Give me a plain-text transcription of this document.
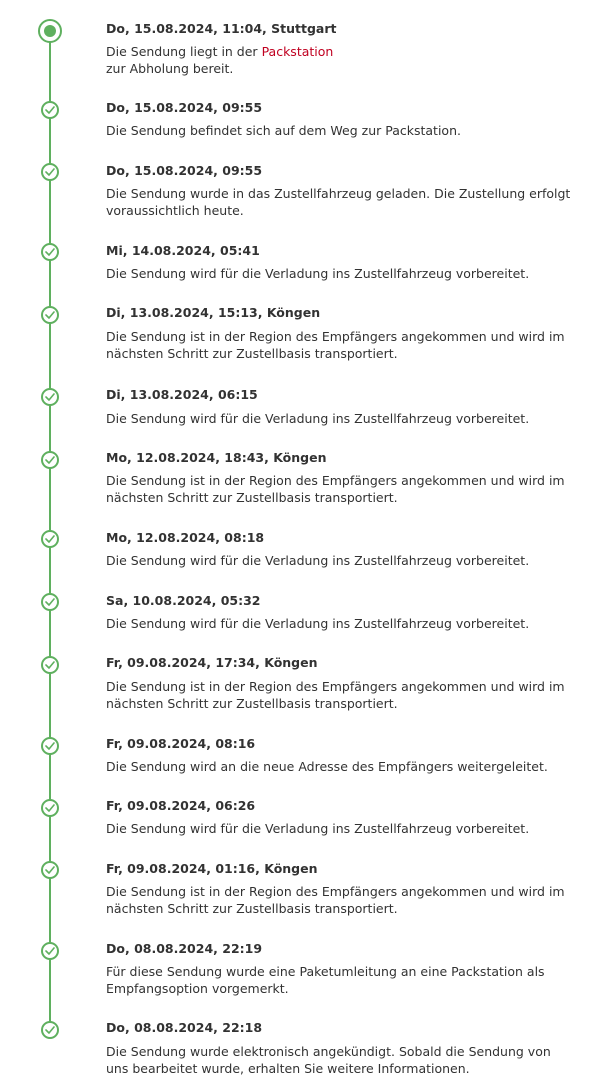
Do, 15.08.2024, 11:04, Stuttgart
Die Sendung liegt in der Packstation
zur Abholung bereit.
Do, 15.08.2024, 09:55
Die Sendung befindet sich auf dem Weg zur Packstation.
Do, 15.08.2024, 09:55
Die Sendung wurde in das Zustellfahrzeug geladen. Die Zustellung erfolgt voraussichtlich heute.
Mi, 14.08.2024, 05:41
Die Sendung wird für die Verladung ins Zustellfahrzeug vorbereitet.
Di, 13.08.2024, 15:13, Köngen
Die Sendung ist in der Region des Empfängers angekommen und wird im nächsten Schritt zur Zustellbasis transportiert.
Di, 13.08.2024, 06:15
Die Sendung wird für die Verladung ins Zustellfahrzeug vorbereitet.
Mo, 12.08.2024, 18:43, Köngen
Die Sendung ist in der Region des Empfängers angekommen und wird im nächsten Schritt zur Zustellbasis transportiert.
Mo, 12.08.2024, 08:18
Die Sendung wird für die Verladung ins Zustellfahrzeug vorbereitet.
Sa, 10.08.2024, 05:32
Die Sendung wird für die Verladung ins Zustellfahrzeug vorbereitet.
Fr, 09.08.2024, 17:34, Köngen
Die Sendung ist in der Region des Empfängers angekommen und wird im nächsten Schritt zur Zustellbasis transportiert.
Fr, 09.08.2024, 08:16
Die Sendung wird an die neue Adresse des Empfängers weitergeleitet.
Fr, 09.08.2024, 06:26
Die Sendung wird für die Verladung ins Zustellfahrzeug vorbereitet.
Fr, 09.08.2024, 01:16, Köngen
Die Sendung ist in der Region des Empfängers angekommen und wird im nächsten Schritt zur Zustellbasis transportiert.
Do, 08.08.2024, 22:19
Für diese Sendung wurde eine Paketumleitung an eine Packstation als Empfangsoption vorgemerkt.
Do, 08.08.2024, 22:18
Die Sendung wurde elektronisch angekündigt. Sobald die Sendung von uns bearbeitet wurde, erhalten Sie weitere Informationen.
